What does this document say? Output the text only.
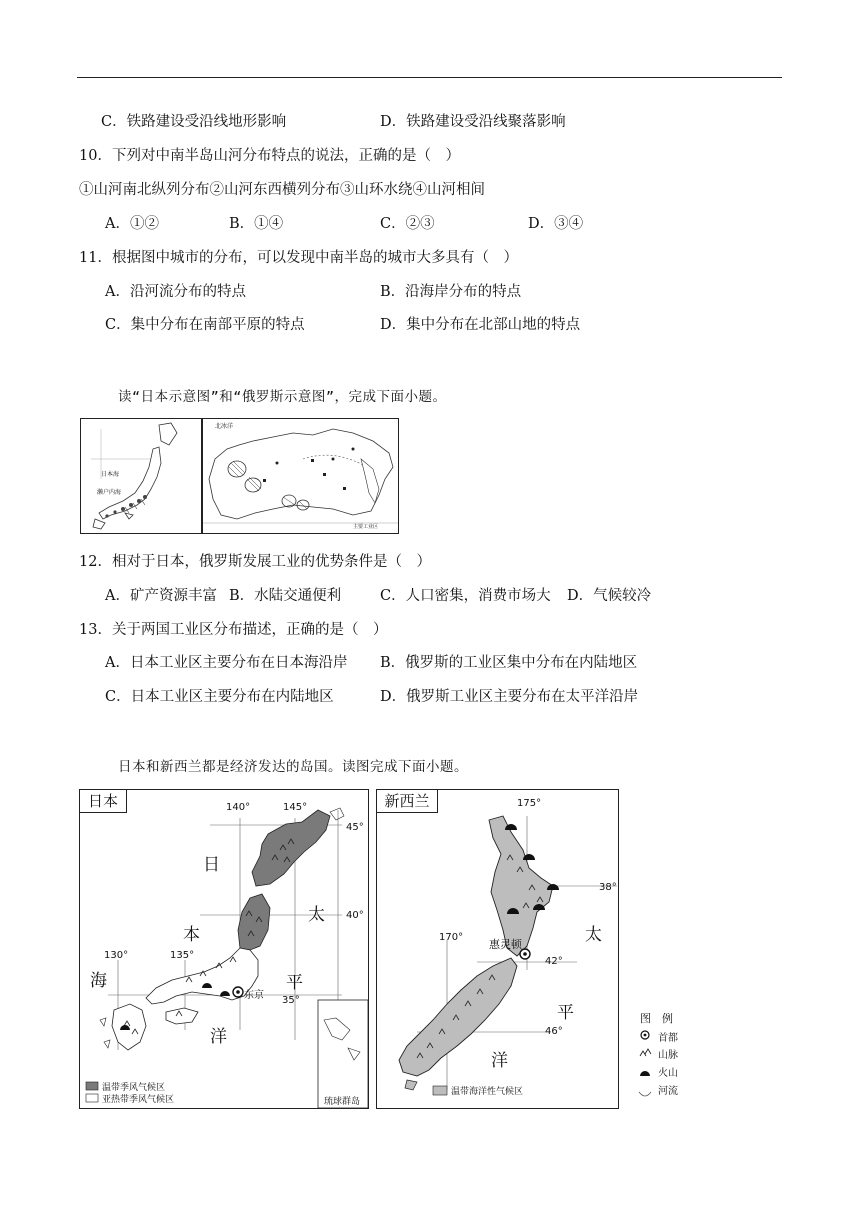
C．铁路建设受沿线地形影响	D．铁路建设受沿线聚落影响
10．下列对中南半岛山河分布特点的说法，正确的是（　）
①山河南北纵列分布②山河东西横列分布③山环水绕④山河相间
A．①②	B．①④	C．②③	D．③④
11．根据图中城市的分布，可以发现中南半岛的城市大多具有（　）
A．沿河流分布的特点	B．沿海岸分布的特点
C．集中分布在南部平原的特点	D．集中分布在北部山地的特点
读“日本示意图”和“俄罗斯示意图”，完成下面小题。
日本海
濑户内海
北冰洋
主要工业区
12．相对于日本，俄罗斯发展工业的优势条件是（　）
A．矿产资源丰富 B．水陆交通便利	C．人口密集，消费市场大 D．气候较冷
13．关于两国工业区分布描述，正确的是（　）
A．日本工业区主要分布在日本海沿岸 B．俄罗斯的工业区集中分布在内陆地区
C．日本工业区主要分布在内陆地区	D．俄罗斯工业区主要分布在太平洋沿岸
日本和新西兰都是经济发达的岛国。读图完成下面小题。
日本	140°	145°
45°
40°
35°
130°	135°
日
本
海
太
平
洋
东京
琉球群岛
温带季风气候区
亚热带季风气候区
新西兰	175°
38°
170°
42°
46°
惠灵顿	太
平
洋
温带海洋性气候区
图　例
首都
山脉
火山
河流
